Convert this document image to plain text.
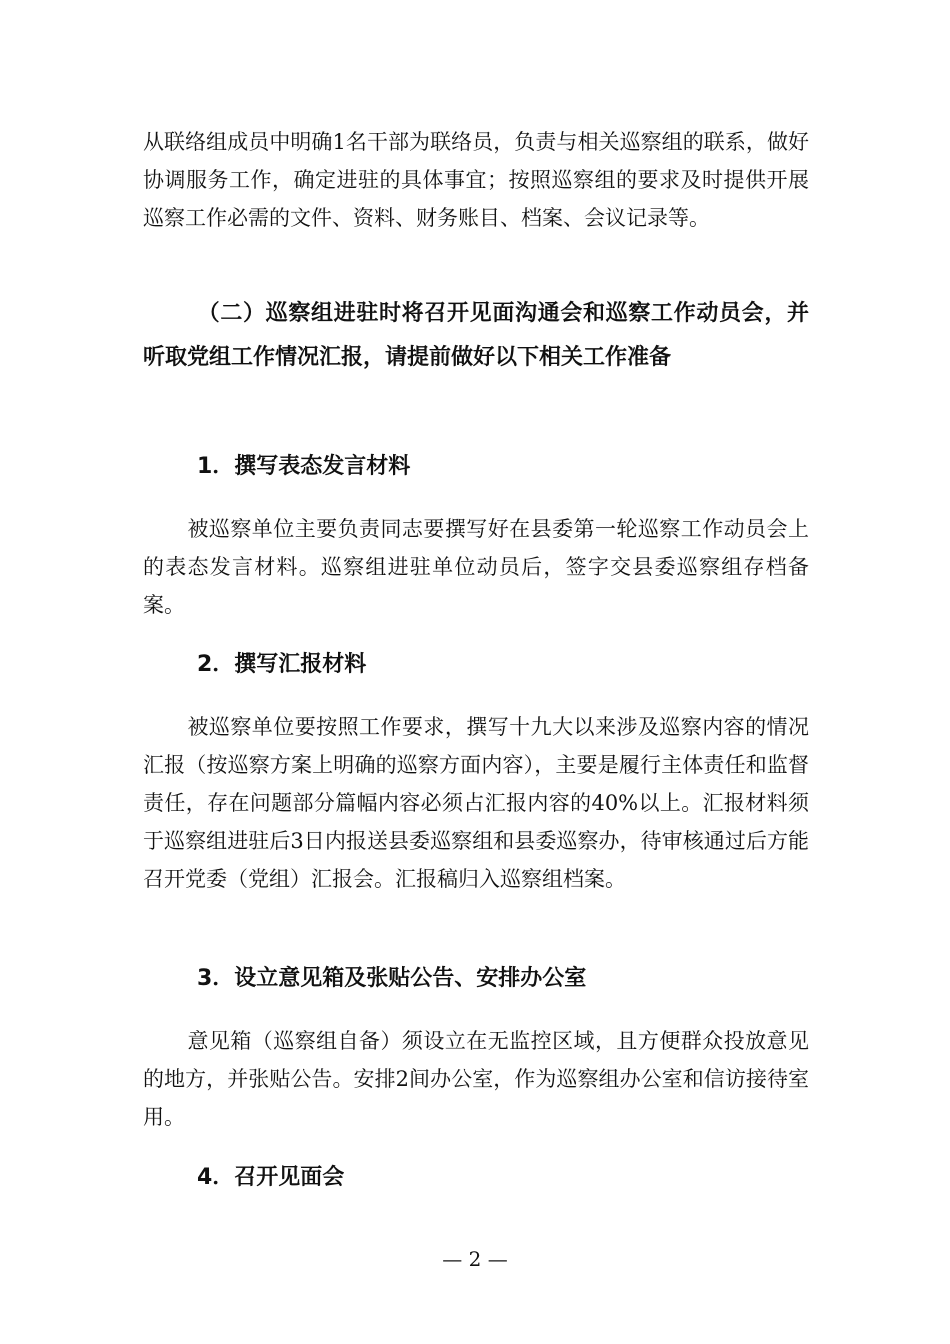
从联络组成员中明确1名干部为联络员，负责与相关巡察组的联系，做好协调服务工作，确定进驻的具体事宜；按照巡察组的要求及时提供开展巡察工作必需的文件、资料、财务账目、档案、会议记录等。

（二）巡察组进驻时将召开见面沟通会和巡察工作动员会，并听取党组工作情况汇报，请提前做好以下相关工作准备

1．撰写表态发言材料

被巡察单位主要负责同志要撰写好在县委第一轮巡察工作动员会上的表态发言材料。巡察组进驻单位动员后，签字交县委巡察组存档备案。

2．撰写汇报材料

被巡察单位要按照工作要求，撰写十九大以来涉及巡察内容的情况汇报（按巡察方案上明确的巡察方面内容），主要是履行主体责任和监督责任，存在问题部分篇幅内容必须占汇报内容的40%以上。汇报材料须于巡察组进驻后3日内报送县委巡察组和县委巡察办，待审核通过后方能召开党委（党组）汇报会。汇报稿归入巡察组档案。

3．设立意见箱及张贴公告、安排办公室

意见箱（巡察组自备）须设立在无监控区域，且方便群众投放意见的地方，并张贴公告。安排2间办公室，作为巡察组办公室和信访接待室用。

4．召开见面会

— 2 —
